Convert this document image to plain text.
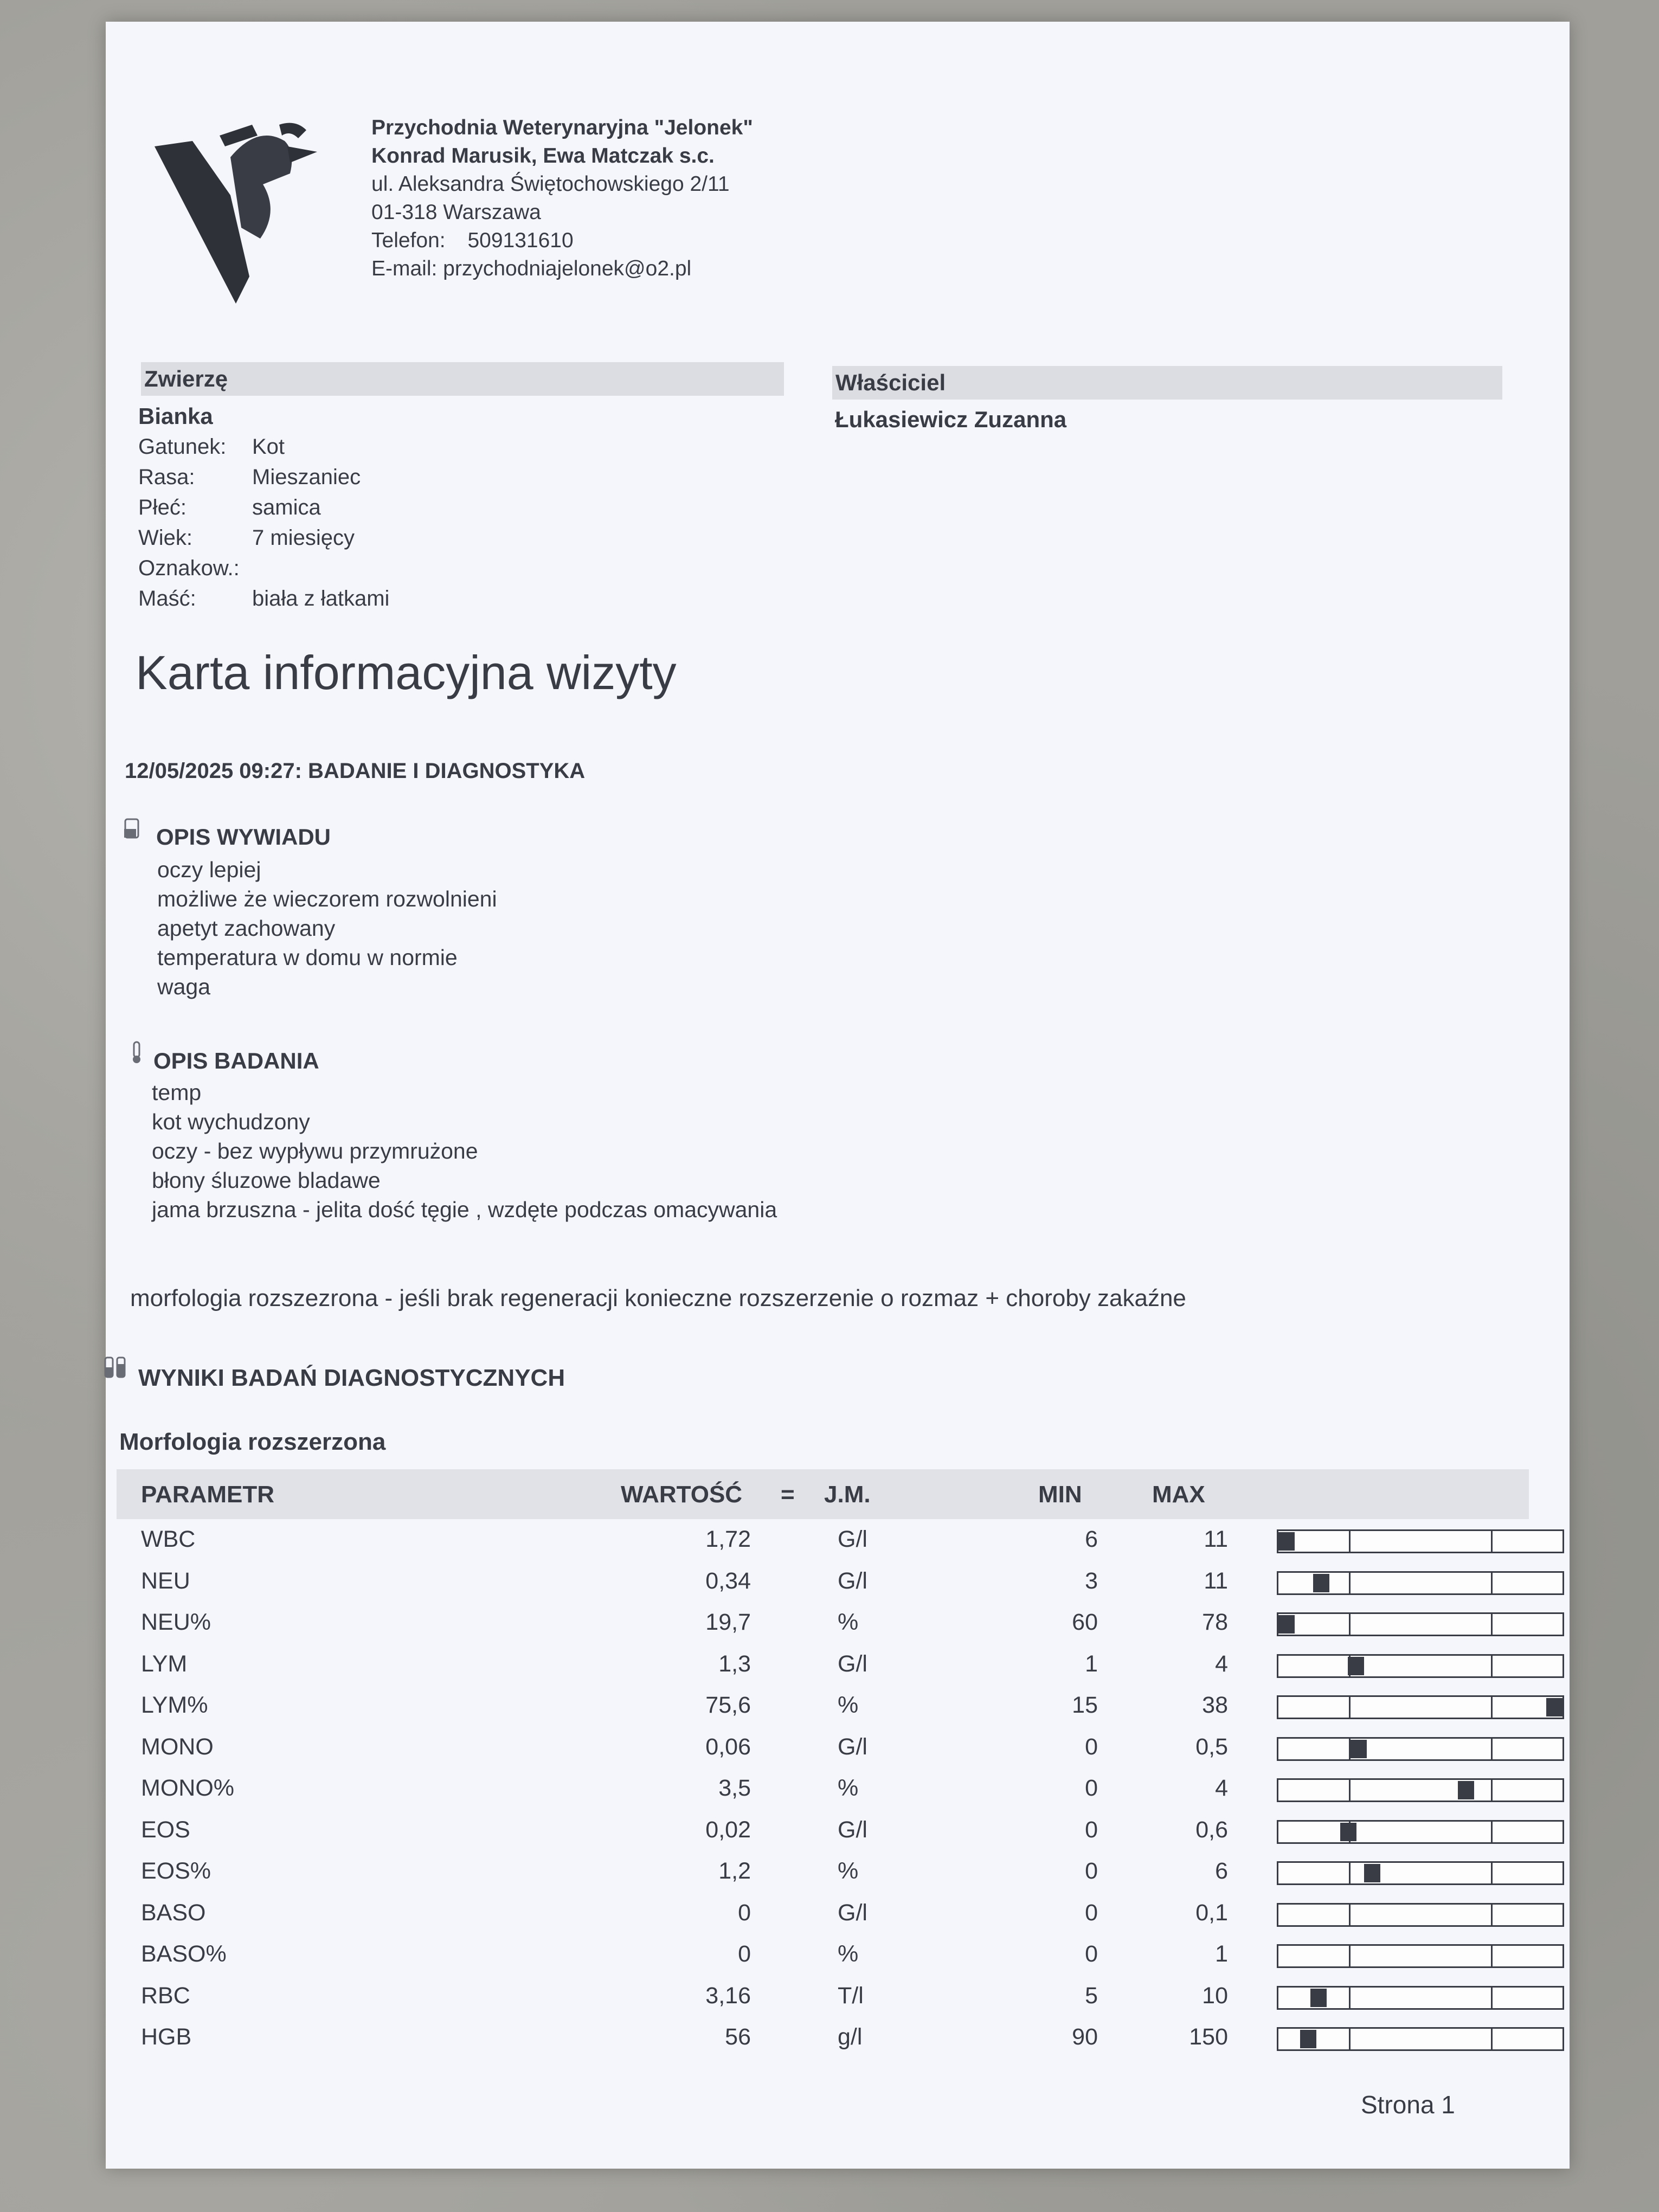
Przychodnia Weterynaryjna "Jelonek"
Konrad Marusik, Ewa Matczak s.c.
ul. Aleksandra Świętochowskiego 2/11
01-318 Warszawa
Telefon: 509131610
E-mail: przychodniajelonek@o2.pl
Zwierzę	Właściciel
Bianka
Gatunek:	Kot
Rasa:	Mieszaniec
Płeć:	samica
Wiek:	7 miesięcy
Oznakow.:
Maść:	biała z łatkami
Łukasiewicz Zuzanna
Karta informacyjna wizyty
12/05/2025 09:27: BADANIE I DIAGNOSTYKA
OPIS WYWIADU
oczy lepiej
możliwe że wieczorem rozwolnieni
apetyt zachowany
temperatura w domu w normie
waga
OPIS BADANIA
temp
kot wychudzony
oczy - bez wypływu przymrużone
błony śluzowe bladawe
jama brzuszna - jelita dość tęgie , wzdęte podczas omacywania
morfologia rozszezrona - jeśli brak regeneracji konieczne rozszerzenie o rozmaz + choroby zakaźne
WYNIKI BADAŃ DIAGNOSTYCZNYCH
Morfologia rozszerzona
PARAMETR	WARTOŚĆ = J.M.	MIN	MAX
WBC	1,72	G/l	6	11
NEU	0,34	G/l	3	11
NEU%	19,7	%	60	78
LYM	1,3	G/l	1	4
LYM%	75,6	%	15	38
MONO	0,06	G/l	0	0,5
MONO%	3,5	%	0	4
EOS	0,02	G/l	0	0,6
EOS%	1,2	%	0	6
BASO	0	G/l	0	0,1
BASO%	0	%	0	1
RBC	3,16	T/l	5	10
HGB	56	g/l	90	150
Strona 1
